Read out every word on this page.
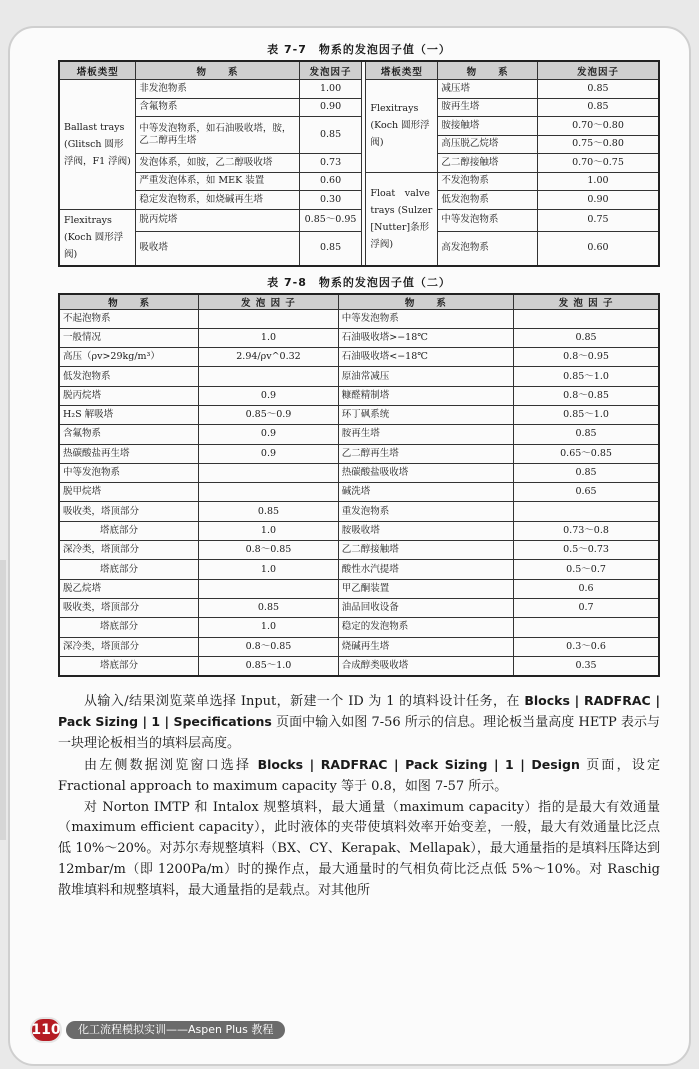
表 7-7　物系的发泡因子值（一）
塔板类型	物　　系	发泡因子		塔板类型	物　　系	发泡因子
Ballast trays (Glitsch 圆形浮阀，F1 浮阀)	非发泡物系	1.00		Flexitrays (Koch 圆形浮阀)	减压塔	0.85
	含氟物系	0.90			胺再生塔	0.85
	中等发泡物系，如石油吸收塔，胺，乙二醇再生塔	0.85			胺接触塔	0.70～0.80
					高压脱乙烷塔	0.75～0.80
	发泡体系，如胺，乙二醇吸收塔	0.73			乙二醇接触塔	0.70～0.75
	严重发泡体系，如 MEK 装置	0.60		Float　valve trays (Sulzer [Nutter]条形浮阀)	不发泡物系	1.00
	稳定发泡物系，如烧碱再生塔	0.30			低发泡物系	0.90
Flexitrays (Koch 圆形浮阀)	脱丙烷塔	0.85～0.95			中等发泡物系	0.75
	吸收塔	0.85			高发泡物系	0.60
表 7-8　物系的发泡因子值（二）
物　　系	发 泡 因 子	物　　系	发 泡 因 子
不起泡物系		中等发泡物系	
一般情况	1.0	石油吸收塔>−18℃	0.85
高压（ρv>29kg/m³）	2.94/ρv^0.32	石油吸收塔<−18℃	0.8～0.95
低发泡物系		原油常减压	0.85～1.0
脱丙烷塔	0.9	糠醛精制塔	0.8～0.85
H₂S 解吸塔	0.85～0.9	环丁砜系统	0.85～1.0
含氟物系	0.9	胺再生塔	0.85
热碳酸盐再生塔	0.9	乙二醇再生塔	0.65～0.85
中等发泡物系		热碳酸盐吸收塔	0.85
脱甲烷塔		碱洗塔	0.65
吸收类，塔顶部分	0.85	重发泡物系	
塔底部分	1.0	胺吸收塔	0.73～0.8
深冷类，塔顶部分	0.8～0.85	乙二醇接触塔	0.5～0.73
塔底部分	1.0	酸性水汽提塔	0.5～0.7
脱乙烷塔		甲乙酮装置	0.6
吸收类，塔顶部分	0.85	油品回收设备	0.7
塔底部分	1.0	稳定的发泡物系	
深冷类，塔顶部分	0.8～0.85	烧碱再生塔	0.3～0.6
塔底部分	0.85～1.0	合成醇类吸收塔	0.35

从输入/结果浏览菜单选择 Input，新建一个 ID 为 1 的填料设计任务，在 Blocks | RADFRAC | Pack Sizing | 1 | Specifications 页面中输入如图 7-56 所示的信息。理论板当量高度 HETP 表示与一块理论板相当的填料层高度。

由左侧数据浏览窗口选择 Blocks | RADFRAC | Pack Sizing | 1 | Design 页面，设定 Fractional approach to maximum capacity 等于 0.8，如图 7-57 所示。

对 Norton IMTP 和 Intalox 规整填料，最大通量（maximum capacity）指的是最大有效通量（maximum efficient capacity），此时液体的夹带使填料效率开始变差，一般，最大有效通量比泛点低 10%～20%。对苏尔寿规整填料（BX、CY、Kerapak、Mellapak），最大通量指的是填料压降达到 12mbar/m（即 1200Pa/m）时的操作点，最大通量时的气相负荷比泛点低 5%～10%。对 Raschig 散堆填料和规整填料，最大通量指的是载点。对其他所

110	化工流程模拟实训——Aspen Plus 教程
